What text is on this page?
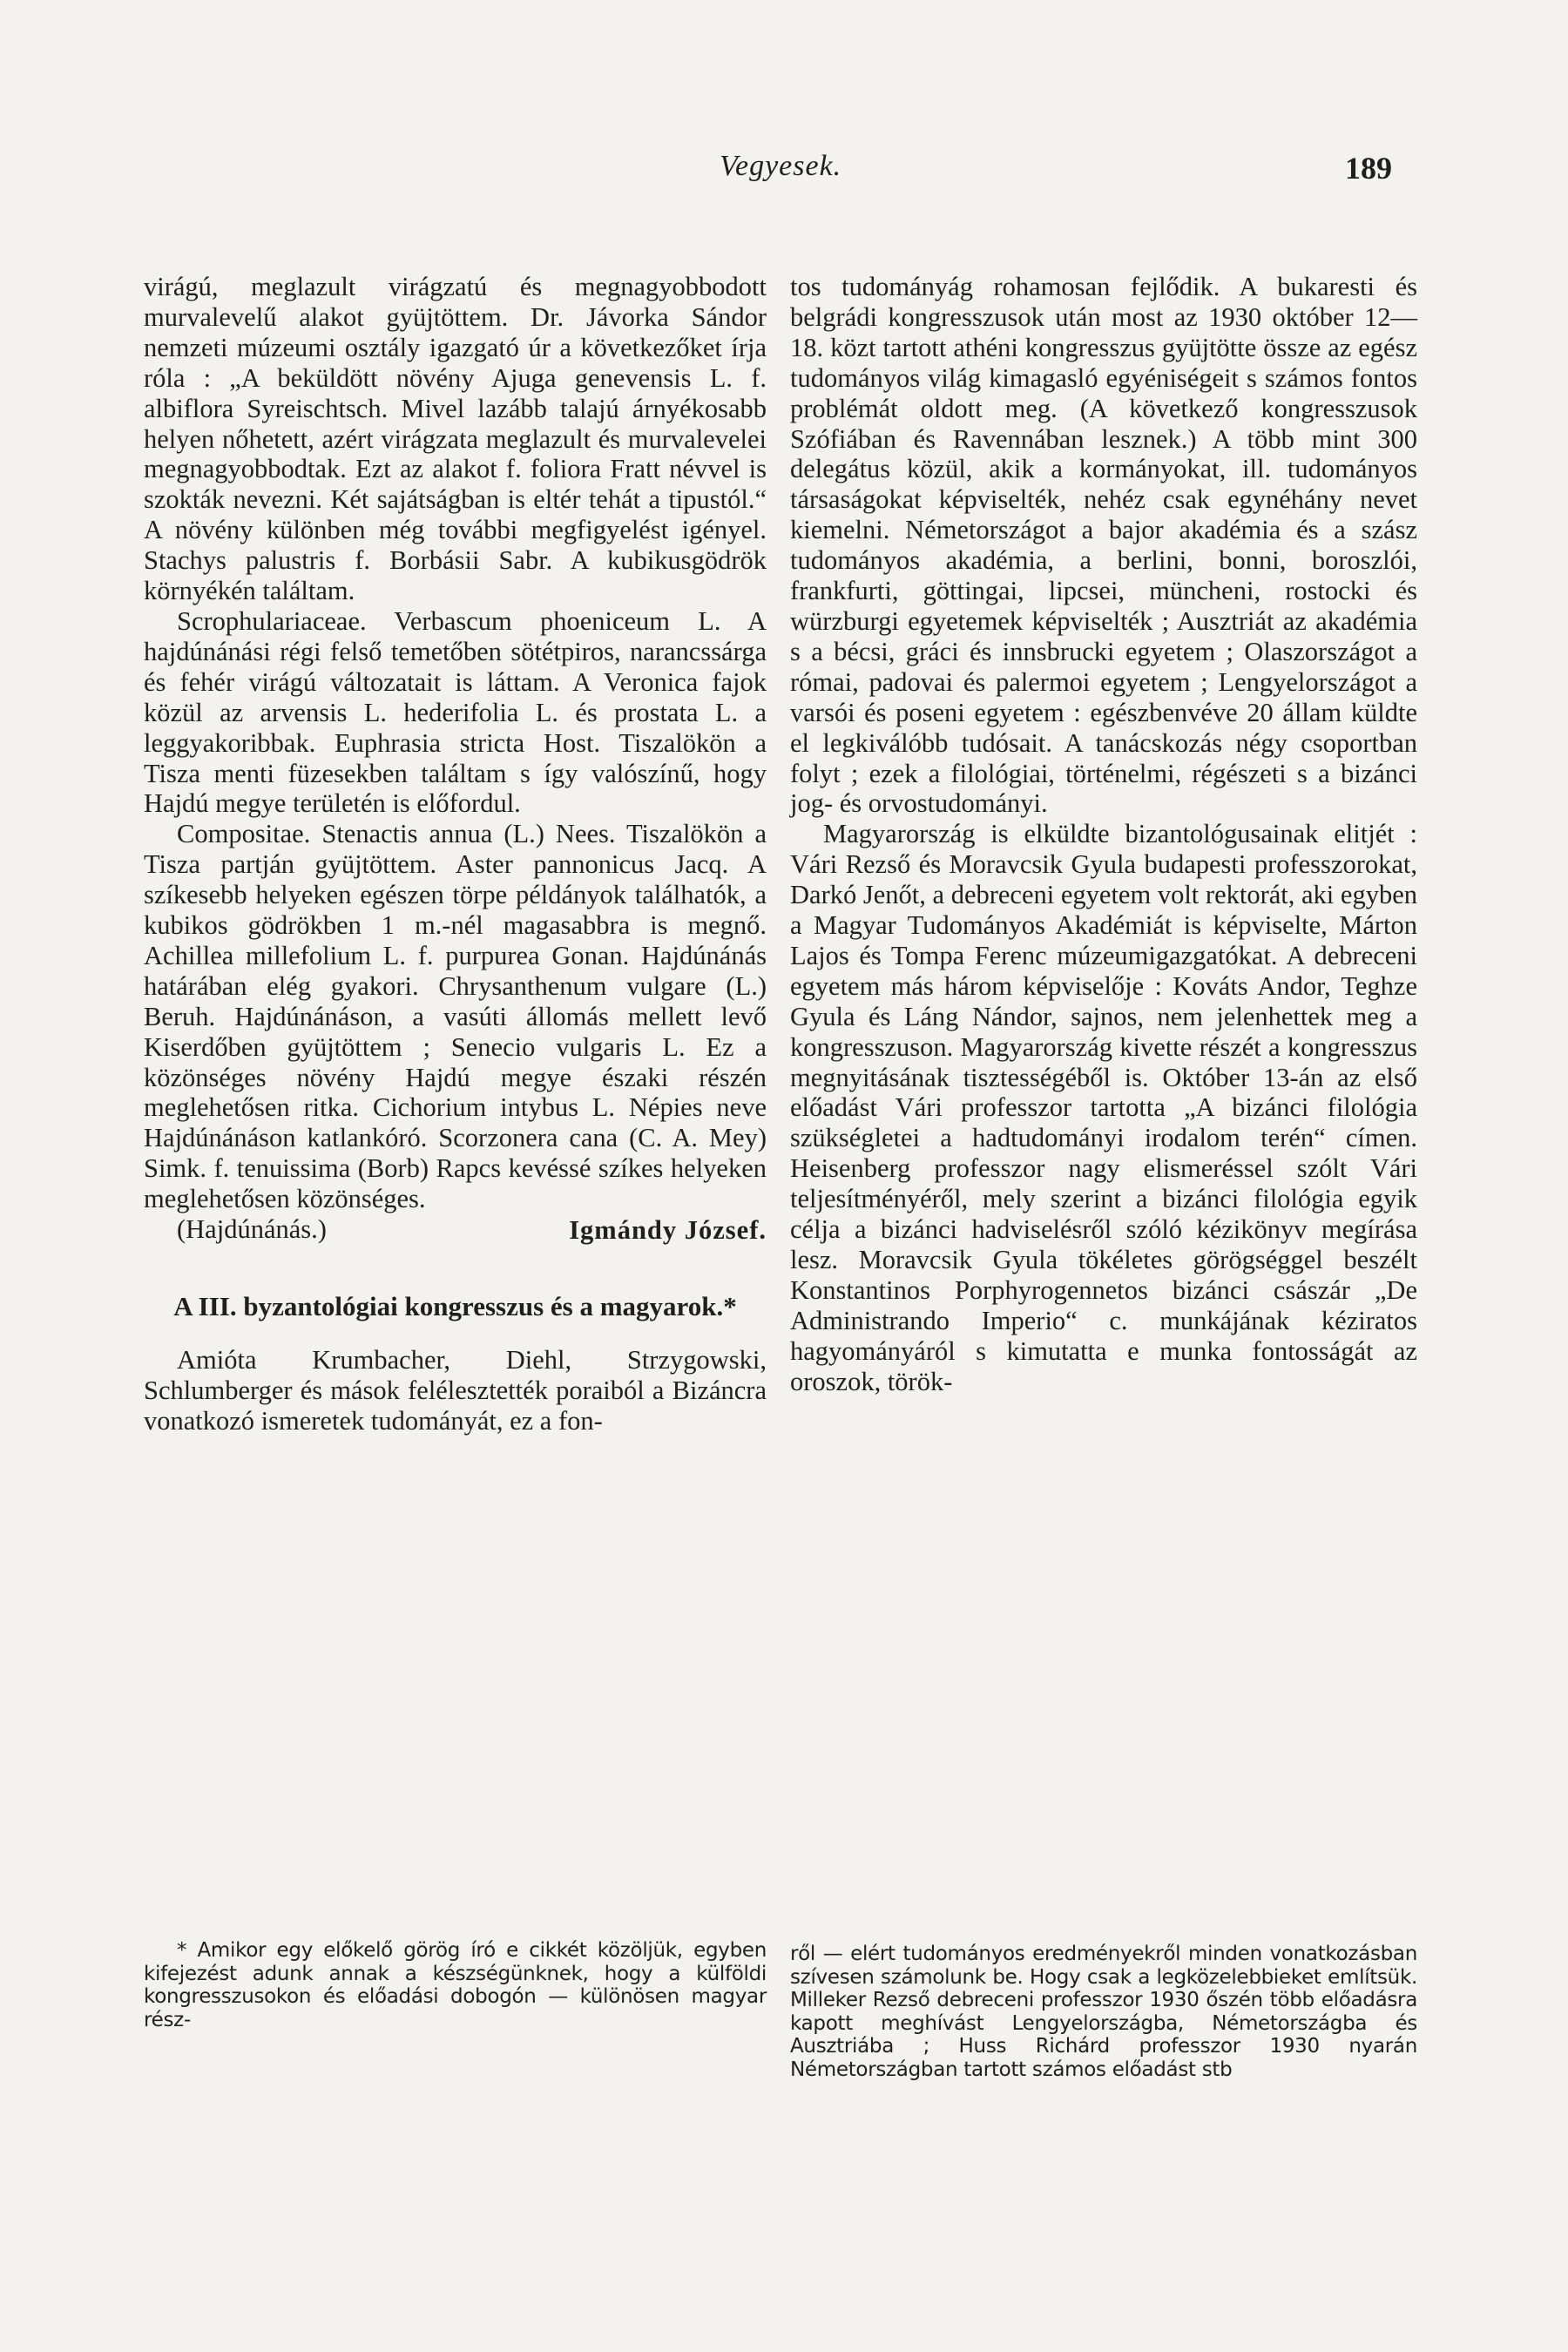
Vegyesek.	189

virágú, meglazult virágzatú és megnagyobbodott murvalevelű alakot gyüjtöttem. Dr. Jávorka Sándor nemzeti múzeumi osztály igazgató úr a következőket írja róla : „A beküldött növény Ajuga genevensis L. f. albiflora Syreischtsch. Mivel lazább talajú árnyékosabb helyen nőhetett, azért virágzata meglazult és murvalevelei megnagyobbodtak. Ezt az alakot f. foliora Fratt névvel is szokták nevezni. Két sajátságban is eltér tehát a tipustól.“ A növény különben még további megfigyelést igényel. Stachys palustris f. Borbásii Sabr. A kubikusgödrök környékén találtam.

Scrophulariaceae. Verbascum phoeniceum L. A hajdúnánási régi felső temetőben sötétpiros, narancssárga és fehér virágú változatait is láttam. A Veronica fajok közül az arvensis L. hederifolia L. és prostata L. a leggyakoribbak. Euphrasia stricta Host. Tiszalökön a Tisza menti füzesekben találtam s így valószínű, hogy Hajdú megye területén is előfordul.

Compositae. Stenactis annua (L.) Nees. Tiszalökön a Tisza partján gyüjtöttem. Aster pannonicus Jacq. A szíkesebb helyeken egészen törpe példányok találhatók, a kubikos gödrökben 1 m.-nél magasabbra is megnő. Achillea millefolium L. f. purpurea Gonan. Hajdúnánás határában elég gyakori. Chrysanthenum vulgare (L.) Beruh. Hajdúnánáson, a vasúti állomás mellett levő Kiserdőben gyüjtöttem ; Senecio vulgaris L. Ez a közönséges növény Hajdú megye északi részén meglehetősen ritka. Cichorium intybus L. Népies neve Hajdúnánáson katlankóró. Scorzonera cana (C. A. Mey) Simk. f. tenuissima (Borb) Rapcs kevéssé szíkes helyeken meglehetősen közönséges.

(Hajdúnánás.)	Igmándy József.

A III. byzantológiai kongresszus és a magyarok.*

Amióta Krumbacher, Diehl, Strzygowski, Schlumberger és mások felélesztették poraiból a Bizáncra vonatkozó ismeretek tudományát, ez a fon-

tos tudományág rohamosan fejlődik. A bukaresti és belgrádi kongresszusok után most az 1930 október 12—18. közt tartott athéni kongresszus gyüjtötte össze az egész tudományos világ kimagasló egyéniségeit s számos fontos problémát oldott meg. (A következő kongresszusok Szófiában és Ravennában lesznek.) A több mint 300 delegátus közül, akik a kormányokat, ill. tudományos társaságokat képviselték, nehéz csak egynéhány nevet kiemelni. Németországot a bajor akadémia és a szász tudományos akadémia, a berlini, bonni, boroszlói, frankfurti, göttingai, lipcsei, müncheni, rostocki és würzburgi egyetemek képviselték ; Ausztriát az akadémia s a bécsi, gráci és innsbrucki egyetem ; Olaszországot a római, padovai és palermoi egyetem ; Lengyelországot a varsói és poseni egyetem : egészbenvéve 20 állam küldte el legkiválóbb tudósait. A tanácskozás négy csoportban folyt ; ezek a filológiai, történelmi, régészeti s a bizánci jog- és orvostudományi.

Magyarország is elküldte bizantológusainak elitjét : Vári Rezső és Moravcsik Gyula budapesti professzorokat, Darkó Jenőt, a debreceni egyetem volt rektorát, aki egyben a Magyar Tudományos Akadémiát is képviselte, Márton Lajos és Tompa Ferenc múzeumigazgatókat. A debreceni egyetem más három képviselője : Kováts Andor, Teghze Gyula és Láng Nándor, sajnos, nem jelenhettek meg a kongresszuson. Magyarország kivette részét a kongresszus megnyitásának tisztességéből is. Október 13-án az első előadást Vári professzor tartotta „A bizánci filológia szükségletei a hadtudományi irodalom terén“ címen. Heisenberg professzor nagy elismeréssel szólt Vári teljesítményéről, mely szerint a bizánci filológia egyik célja a bizánci hadviselésről szóló kézikönyv megírása lesz. Moravcsik Gyula tökéletes görögséggel beszélt Konstantinos Porphyrogennetos bizánci császár „De Administrando Imperio“ c. munkájának kéziratos hagyományáról s kimutatta e munka fontosságát az oroszok, török-

* Amikor egy előkelő görög író e cikkét közöljük, egyben kifejezést adunk annak a készségünknek, hogy a külföldi kongresszusokon és előadási dobogón — különösen magyar rész-

ről — elért tudományos eredményekről minden vonatkozásban szívesen számolunk be. Hogy csak a legközelebbieket említsük. Milleker Rezső debreceni professzor 1930 őszén több előadásra kapott meghívást Lengyelországba, Németországba és Ausztriába ; Huss Richárd professzor 1930 nyarán Németországban tartott számos előadást stb
